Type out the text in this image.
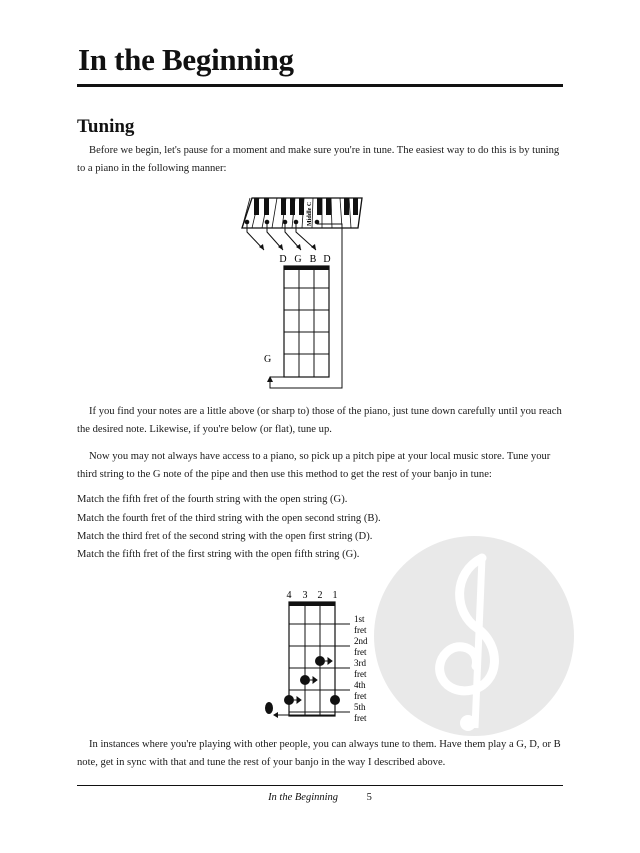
In the Beginning
Tuning
Before we begin, let's pause for a moment and make sure you're in tune. The easiest way to do this is by tuning to a piano in the following manner:
Middle C
D G B D
G
If you find your notes are a little above (or sharp to) those of the piano, just tune down carefully until you reach the desired note. Likewise, if you're below (or flat), tune up.
Now you may not always have access to a piano, so pick up a pitch pipe at your local music store. Tune your third string to the G note of the pipe and then use this method to get the rest of your banjo in tune:
Match the fifth fret of the fourth string with the open string (G).
Match the fourth fret of the third string with the open second string (B).
Match the third fret of the second string with the open first string (D).
Match the fifth fret of the first string with the open fifth string (G).
4 3 2 1
1st
fret
2nd
fret
3rd
fret
4th
fret
5th
fret
In instances where you're playing with other people, you can always tune to them. Have them play a G, D, or B note, get in sync with that and tune the rest of your banjo in the way I described above.
In the Beginning	5
